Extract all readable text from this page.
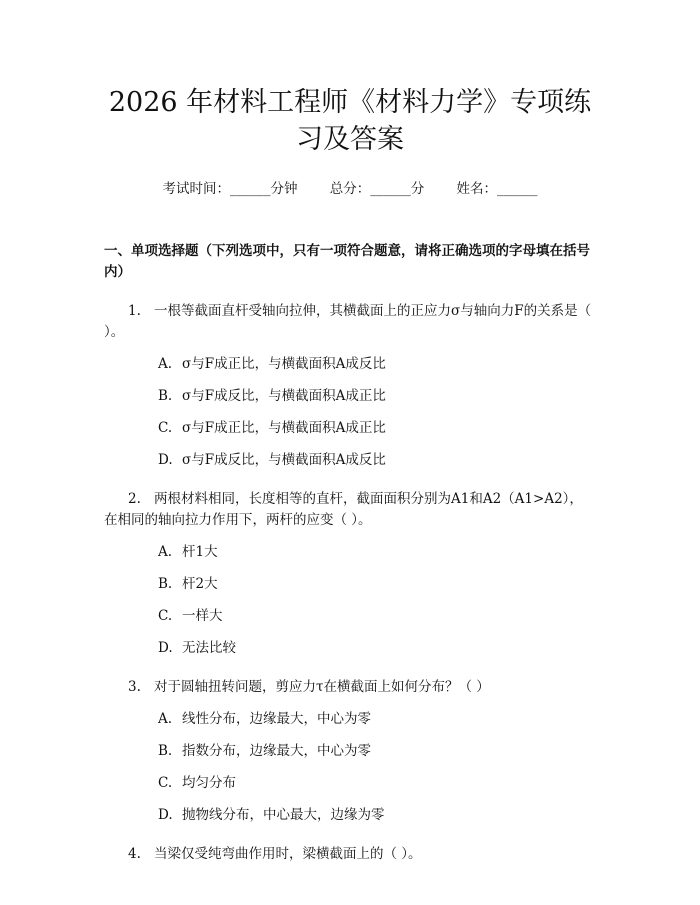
2026 年材料工程师《材料力学》专项练习及答案
考试时间：______分钟 总分：______分 姓名：______
一、单项选择题（下列选项中，只有一项符合题意，请将正确选项的字母填在括号内）
1. 一根等截面直杆受轴向拉伸，其横截面上的正应力σ与轴向力F的关系是（ ）。
A. σ与F成正比，与横截面积A成反比
B. σ与F成反比，与横截面积A成正比
C. σ与F成正比，与横截面积A成正比
D. σ与F成反比，与横截面积A成反比
2. 两根材料相同，长度相等的直杆，截面面积分别为A1和A2（A1>A2），在相同的轴向拉力作用下，两杆的应变（ ）。
A. 杆1大
B. 杆2大
C. 一样大
D. 无法比较
3. 对于圆轴扭转问题，剪应力τ在横截面上如何分布？（ ）
A. 线性分布，边缘最大，中心为零
B. 指数分布，边缘最大，中心为零
C. 均匀分布
D. 抛物线分布，中心最大，边缘为零
4. 当梁仅受纯弯曲作用时，梁横截面上的（ ）。
